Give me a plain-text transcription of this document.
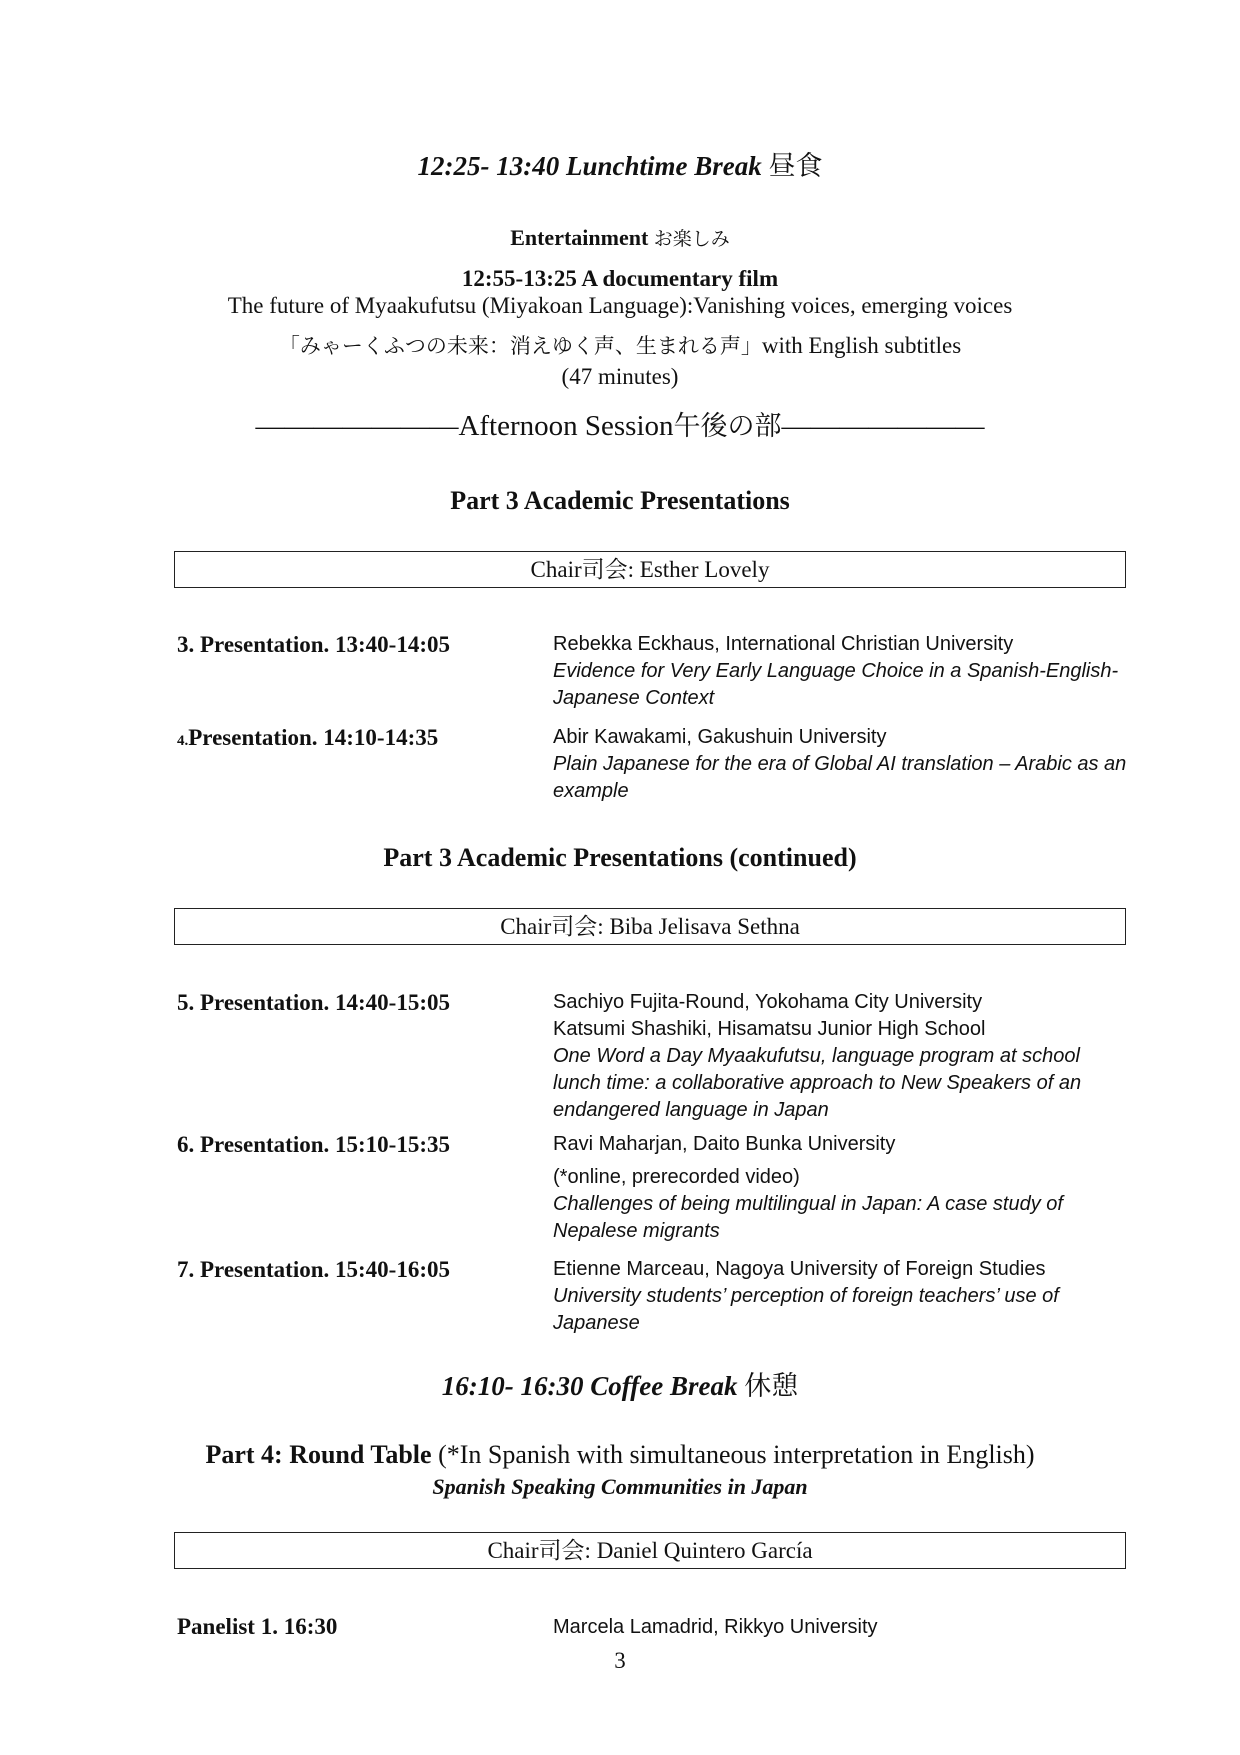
12:25- 13:40 Lunchtime Break 昼食
Entertainment お楽しみ
12:55-13:25 A documentary film
The future of Myaakufutsu (Miyakoan Language):Vanishing voices, emerging voices
「みゃーくふつの未来：消えゆく声、生まれる声」with English subtitles
(47 minutes)
———————Afternoon Session午後の部———————
Part 3 Academic Presentations
Chair司会: Esther Lovely
3. Presentation. 13:40-14:05	Rebekka Eckhaus, International Christian University
Evidence for Very Early Language Choice in a Spanish-English-Japanese Context
4.Presentation. 14:10-14:35	Abir Kawakami, Gakushuin University
Plain Japanese for the era of Global AI translation – Arabic as an example
Part 3 Academic Presentations (continued)
Chair司会: Biba Jelisava Sethna
5. Presentation. 14:40-15:05	Sachiyo Fujita-Round, Yokohama City University
Katsumi Shashiki, Hisamatsu Junior High School
One Word a Day Myaakufutsu, language program at school lunch time: a collaborative approach to New Speakers of an endangered language in Japan
6. Presentation. 15:10-15:35	Ravi Maharjan, Daito Bunka University
(*online, prerecorded video)
Challenges of being multilingual in Japan: A case study of Nepalese migrants
7. Presentation. 15:40-16:05	Etienne Marceau, Nagoya University of Foreign Studies
University students’ perception of foreign teachers’ use of Japanese
16:10- 16:30 Coffee Break 休憩
Part 4: Round Table (*In Spanish with simultaneous interpretation in English)
Spanish Speaking Communities in Japan
Chair司会: Daniel Quintero García
Panelist 1. 16:30	Marcela Lamadrid, Rikkyo University
3
